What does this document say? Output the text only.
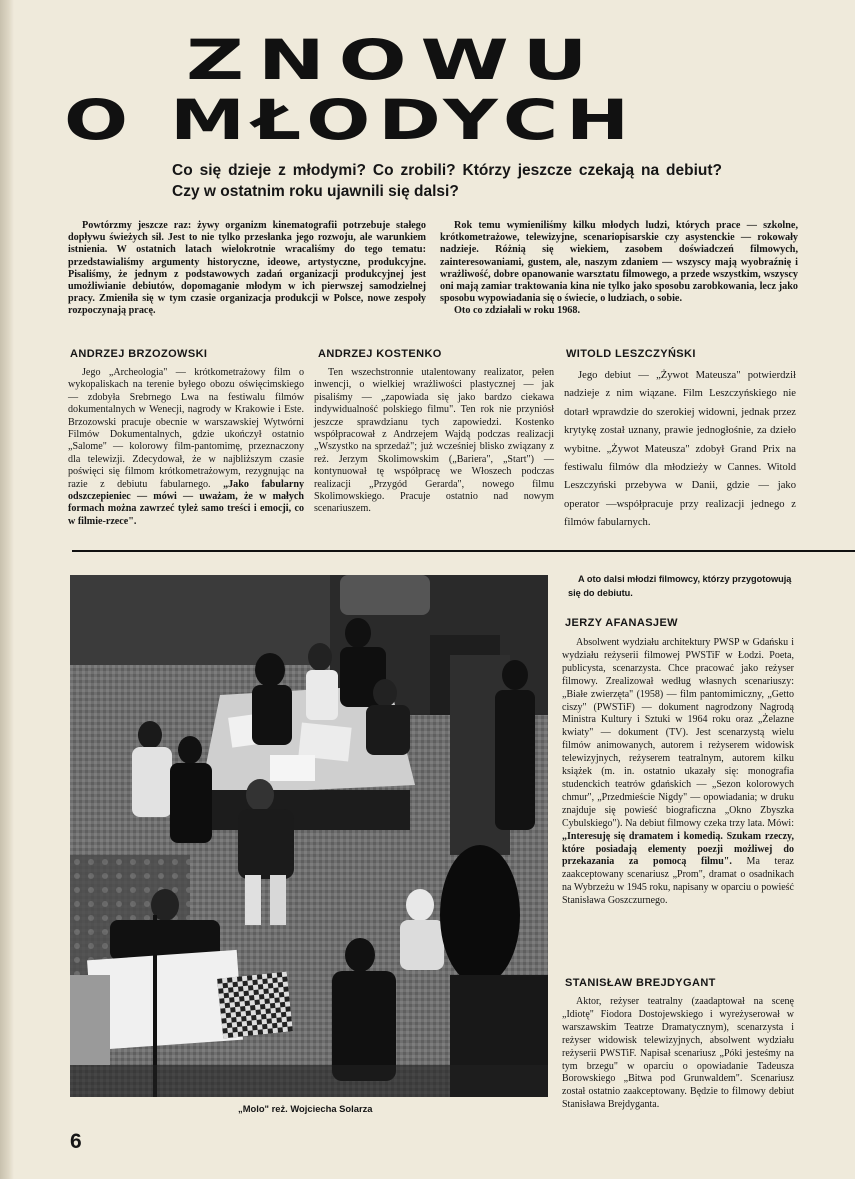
ZNOWU
O MŁODYCH

Co się dzieje z młodymi? Co zrobili? Którzy jeszcze czekają na debiut? Czy w ostatnim roku ujawnili się dalsi?

Powtórzmy jeszcze raz: żywy organizm kinematografii potrzebuje stałego dopływu świeżych sił. Jest to nie tylko przesłanka jego rozwoju, ale warunkiem istnienia. W ostatnich latach wielokrotnie wracaliśmy do tego tematu: przedstawialiśmy argumenty historyczne, ideowe, artystyczne, produkcyjne. Pisaliśmy, że jednym z podstawowych zadań organizacji produkcyjnej jest umożliwianie debiutów, dopomaganie młodym w ich pierwszej samodzielnej pracy. Zmieniła się w tym czasie organizacja produkcji w Polsce, nowe zespoły rozpoczynają pracę.

Rok temu wymieniliśmy kilku młodych ludzi, których prace — szkolne, krótkometrażowe, telewizyjne, scenariopisarskie czy asystenckie — rokowały nadzieje. Różnią się wiekiem, zasobem doświadczeń filmowych, zainteresowaniami, gustem, ale, naszym zdaniem — wszyscy mają wyobraźnię i wrażliwość, dobre opanowanie warsztatu filmowego, a przede wszystkim, wszyscy oni mają zamiar traktowania kina nie tylko jako sposobu zarobkowania, lecz jako sposobu wypowiadania się o świecie, o ludziach, o sobie.

Oto co zdziałali w roku 1968.

ANDRZEJ BRZOZOWSKI	ANDRZEJ KOSTENKO	WITOLD LESZCZYŃSKI

Jego „Archeologia" — krótkometrażowy film o wykopaliskach na terenie byłego obozu oświęcimskiego — zdobyła Srebrnego Lwa na festiwalu filmów dokumentalnych w Wenecji, nagrody w Krakowie i Este. Brzozowski pracuje obecnie w warszawskiej Wytwórni Filmów Dokumentalnych, gdzie ukończył ostatnio „Salome" — kolorowy film-pantomimę, przeznaczony dla telewizji. Zdecydował, że w najbliższym czasie poświęci się filmom krótkometrażowym, rezygnując na razie z debiutu fabularnego. „Jako fabularny odszczepieniec — mówi — uważam, że w małych formach można zawrzeć tyleż samo treści i emocji, co w filmie-rzece".

Ten wszechstronnie utalentowany realizator, pełen inwencji, o wielkiej wrażliwości plastycznej — jak pisaliśmy — „zapowiada się jako bardzo ciekawa indywidualność polskiego filmu". Ten rok nie przyniósł jeszcze sprawdzianu tych zapowiedzi. Kostenko współpracował z Andrzejem Wajdą podczas realizacji „Wszystko na sprzedaż"; już wcześniej blisko związany z reż. Jerzym Skolimowskim („Bariera", „Start") — kontynuował tę współpracę we Włoszech podczas realizacji „Przygód Gerarda", nowego filmu Skolimowskiego. Pracuje ostatnio nad nowym scenariuszem.

Jego debiut — „Żywot Mateusza" potwierdził nadzieje z nim wiązane. Film Leszczyńskiego nie dotarł wprawdzie do szerokiej widowni, jednak przez krytykę został uznany, prawie jednogłośnie, za dzieło wybitne. „Żywot Mateusza" zdobył Grand Prix na festiwalu filmów dla młodzieży w Cannes. Witold Leszczyński przebywa w Danii, gdzie — jako operator —współpracuje przy realizacji jednego z filmów fabularnych.

„Molo" reż. Wojciecha Solarza

A oto dalsi młodzi filmowcy, którzy przygotowują się do debiutu.

JERZY AFANASJEW

Absolwent wydziału architektury PWSP w Gdańsku i wydziału reżyserii filmowej PWSTiF w Łodzi. Poeta, publicysta, scenarzysta. Chce pracować jako reżyser filmowy. Zrealizował według własnych scenariuszy: „Białe zwierzęta" (1958) — film pantomimiczny, „Getto ciszy" (PWSTiF) — dokument nagrodzony Nagrodą Ministra Kultury i Sztuki w 1964 roku oraz „Żelazne kwiaty" — dokument (TV). Jest scenarzystą wielu filmów animowanych, autorem i reżyserem widowisk telewizyjnych, reżyserem teatralnym, autorem kilku książek (m. in. ostatnio ukazały się: monografia studenckich teatrów gdańskich — „Sezon kolorowych chmur", „Przedmieście Nigdy" — opowiadania; w druku znajduje się powieść biograficzna „Okno Zbyszka Cybulskiego"). Na debiut filmowy czeka trzy lata. Mówi: „Interesuję się dramatem i komedią. Szukam rzeczy, które posiadają elementy poezji możliwej do przekazania za pomocą filmu". Ma teraz zaakceptowany scenariusz „Prom", dramat o osadnikach na Wybrzeżu w 1945 roku, napisany w oparciu o powieść Stanisława Goszczurnego.

STANISŁAW BREJDYGANT

Aktor, reżyser teatralny (zaadaptował na scenę „Idiotę" Fiodora Dostojewskiego i wyreżyserował w warszawskim Teatrze Dramatycznym), scenarzysta i reżyser widowisk telewizyjnych, absolwent wydziału reżyserii PWSTiF. Napisał scenariusz „Póki jesteśmy na tym brzegu" w oparciu o opowiadanie Tadeusza Borowskiego „Bitwa pod Grunwaldem". Scenariusz został ostatnio zaakceptowany. Będzie to filmowy debiut Stanisława Brejdyganta.

6
